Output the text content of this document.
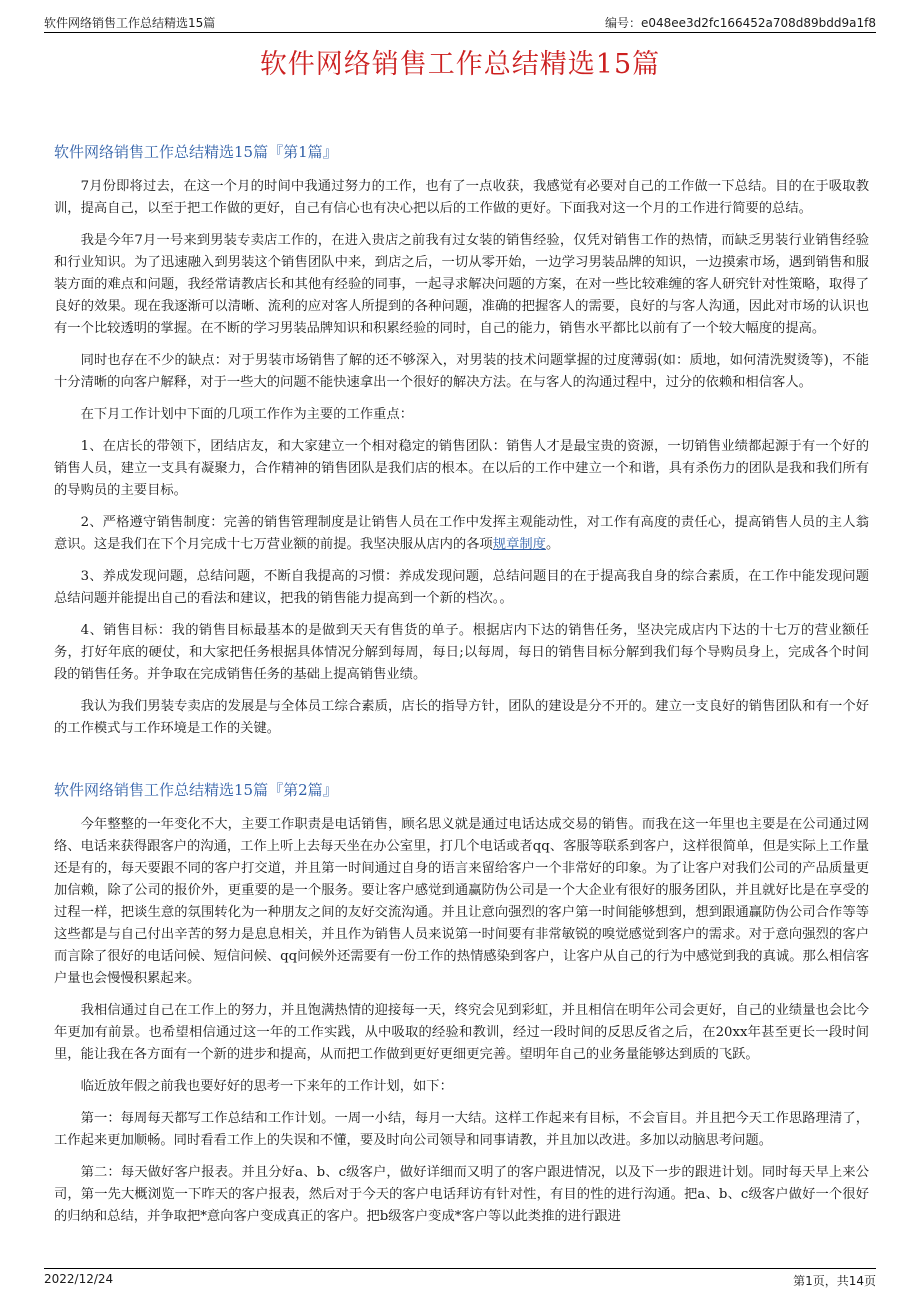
软件网络销售工作总结精选15篇	编号：e048ee3d2fc166452a708d89bdd9a1f8
软件网络销售工作总结精选15篇
软件网络销售工作总结精选15篇『第1篇』

7月份即将过去，在这一个月的时间中我通过努力的工作，也有了一点收获，我感觉有必要对自己的工作做一下总结。目的在于吸取教训，提高自己，以至于把工作做的更好，自己有信心也有决心把以后的工作做的更好。下面我对这一个月的工作进行简要的总结。

我是今年7月一号来到男装专卖店工作的，在进入贵店之前我有过女装的销售经验，仅凭对销售工作的热情，而缺乏男装行业销售经验和行业知识。为了迅速融入到男装这个销售团队中来，到店之后，一切从零开始，一边学习男装品牌的知识，一边摸索市场，遇到销售和服装方面的难点和问题，我经常请教店长和其他有经验的同事，一起寻求解决问题的方案，在对一些比较难缠的客人研究针对性策略，取得了良好的效果。现在我逐渐可以清晰、流利的应对客人所提到的各种问题，准确的把握客人的需要，良好的与客人沟通，因此对市场的认识也有一个比较透明的掌握。在不断的学习男装品牌知识和积累经验的同时，自己的能力，销售水平都比以前有了一个较大幅度的提高。

同时也存在不少的缺点：对于男装市场销售了解的还不够深入，对男装的技术问题掌握的过度薄弱(如：质地，如何清洗熨烫等)，不能十分清晰的向客户解释，对于一些大的问题不能快速拿出一个很好的解决方法。在与客人的沟通过程中，过分的依赖和相信客人。

在下月工作计划中下面的几项工作作为主要的工作重点：

1、在店长的带领下，团结店友，和大家建立一个相对稳定的销售团队：销售人才是最宝贵的资源，一切销售业绩都起源于有一个好的销售人员，建立一支具有凝聚力，合作精神的销售团队是我们店的根本。在以后的工作中建立一个和谐，具有杀伤力的团队是我和我们所有的导购员的主要目标。

2、严格遵守销售制度：完善的销售管理制度是让销售人员在工作中发挥主观能动性，对工作有高度的责任心，提高销售人员的主人翁意识。这是我们在下个月完成十七万营业额的前提。我坚决服从店内的各项规章制度。

3、养成发现问题，总结问题，不断自我提高的习惯：养成发现问题，总结问题目的在于提高我自身的综合素质，在工作中能发现问题总结问题并能提出自己的看法和建议，把我的销售能力提高到一个新的档次。。

4、销售目标：我的销售目标最基本的是做到天天有售货的单子。根据店内下达的销售任务，坚决完成店内下达的十七万的营业额任务，打好年底的硬仗，和大家把任务根据具体情况分解到每周，每日;以每周，每日的销售目标分解到我们每个导购员身上，完成各个时间段的销售任务。并争取在完成销售任务的基础上提高销售业绩。

我认为我们男装专卖店的发展是与全体员工综合素质，店长的指导方针，团队的建设是分不开的。建立一支良好的销售团队和有一个好的工作模式与工作环境是工作的关键。

软件网络销售工作总结精选15篇『第2篇』

今年整整的一年变化不大，主要工作职责是电话销售，顾名思义就是通过电话达成交易的销售。而我在这一年里也主要是在公司通过网络、电话来获得跟客户的沟通，工作上听上去每天坐在办公室里，打几个电话或者qq、客服等联系到客户，这样很简单，但是实际上工作量还是有的，每天要跟不同的客户打交道，并且第一时间通过自身的语言来留给客户一个非常好的印象。为了让客户对我们公司的产品质量更加信赖，除了公司的报价外，更重要的是一个服务。要让客户感觉到通赢防伪公司是一个大企业有很好的服务团队，并且就好比是在享受的过程一样，把谈生意的氛围转化为一种朋友之间的友好交流沟通。并且让意向强烈的客户第一时间能够想到，想到跟通赢防伪公司合作等等这些都是与自己付出辛苦的努力是息息相关，并且作为销售人员来说第一时间要有非常敏锐的嗅觉感觉到客户的需求。对于意向强烈的客户而言除了很好的电话问候、短信问候、qq问候外还需要有一份工作的热情感染到客户，让客户从自己的行为中感觉到我的真诚。那么相信客户量也会慢慢积累起来。

我相信通过自己在工作上的努力，并且饱满热情的迎接每一天，终究会见到彩虹，并且相信在明年公司会更好，自己的业绩量也会比今年更加有前景。也希望相信通过这一年的工作实践，从中吸取的经验和教训，经过一段时间的反思反省之后，在20xx年甚至更长一段时间里，能让我在各方面有一个新的进步和提高，从而把工作做到更好更细更完善。望明年自己的业务量能够达到质的飞跃。

临近放年假之前我也要好好的思考一下来年的工作计划，如下：

第一：每周每天都写工作总结和工作计划。一周一小结，每月一大结。这样工作起来有目标，不会盲目。并且把今天工作思路理清了，工作起来更加顺畅。同时看看工作上的失误和不懂，要及时向公司领导和同事请教，并且加以改进。多加以动脑思考问题。

第二：每天做好客户报表。并且分好a、b、c级客户，做好详细而又明了的客户跟进情况，以及下一步的跟进计划。同时每天早上来公司，第一先大概浏览一下昨天的客户报表，然后对于今天的客户电话拜访有针对性，有目的性的进行沟通。把a、b、c级客户做好一个很好的归纳和总结，并争取把*意向客户变成真正的客户。把b级客户变成*客户等以此类推的进行跟进

2022/12/24	第1页，共14页
